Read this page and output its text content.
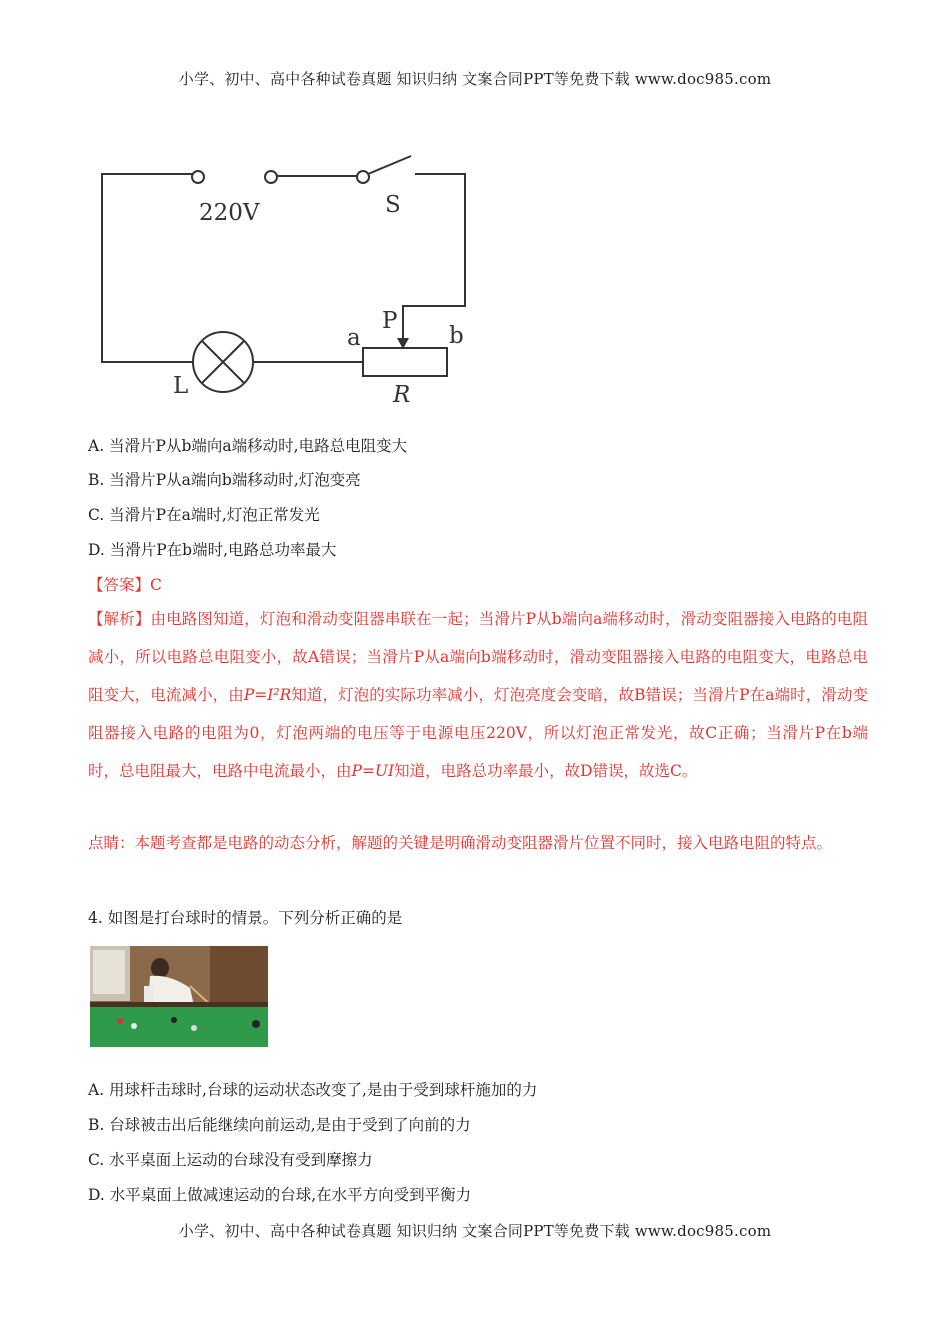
小学、初中、高中各种试卷真题 知识归纳 文案合同PPT等免费下载 www.doc985.com
220V	S
P
a	b
L	R
A. 当滑片P从b端向a端移动时,电路总电阻变大
B. 当滑片P从a端向b端移动时,灯泡变亮
C. 当滑片P在a端时,灯泡正常发光
D. 当滑片P在b端时,电路总功率最大
【答案】C
【解析】由电路图知道，灯泡和滑动变阻器串联在一起；当滑片P从b端向a端移动时，滑动变阻器接入电路的电阻减小，所以电路总电阻变小，故A错误；当滑片P从a端向b端移动时，滑动变阻器接入电路的电阻变大，电路总电阻变大，电流减小，由P=I²R知道，灯泡的实际功率减小，灯泡亮度会变暗，故B错误；当滑片P在a端时，滑动变阻器接入电路的电阻为0，灯泡两端的电压等于电源电压220V，所以灯泡正常发光，故C正确；当滑片P在b端时，总电阻最大，电路中电流最小，由P=UI知道，电路总功率最小，故D错误，故选C。
点睛：本题考查都是电路的动态分析，解题的关键是明确滑动变阻器滑片位置不同时，接入电路电阻的特点。
4. 如图是打台球时的情景。下列分析正确的是
A. 用球杆击球时,台球的运动状态改变了,是由于受到球杆施加的力
B. 台球被击出后能继续向前运动,是由于受到了向前的力
C. 水平桌面上运动的台球没有受到摩擦力
D. 水平桌面上做减速运动的台球,在水平方向受到平衡力
小学、初中、高中各种试卷真题 知识归纳 文案合同PPT等免费下载 www.doc985.com
